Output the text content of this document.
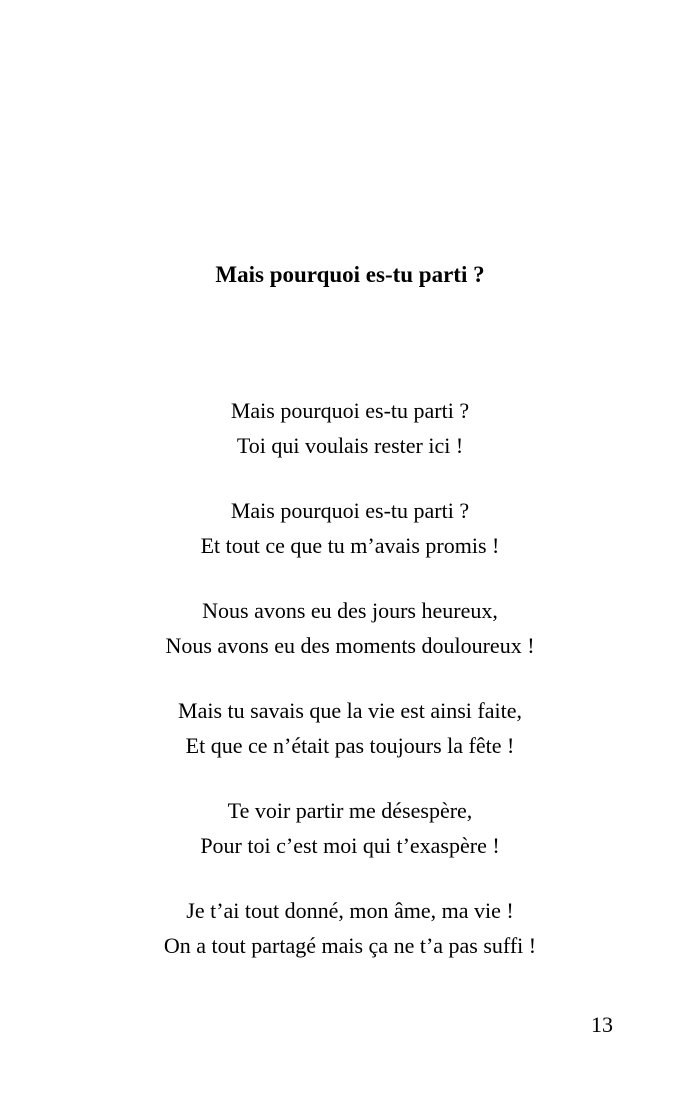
Mais pourquoi es-tu parti ?
Mais pourquoi es-tu parti ?
Toi qui voulais rester ici !
Mais pourquoi es-tu parti ?
Et tout ce que tu m’avais promis !
Nous avons eu des jours heureux,
Nous avons eu des moments douloureux !
Mais tu savais que la vie est ainsi faite,
Et que ce n’était pas toujours la fête !
Te voir partir me désespère,
Pour toi c’est moi qui t’exaspère !
Je t’ai tout donné, mon âme, ma vie !
On a tout partagé mais ça ne t’a pas suffi !
13
